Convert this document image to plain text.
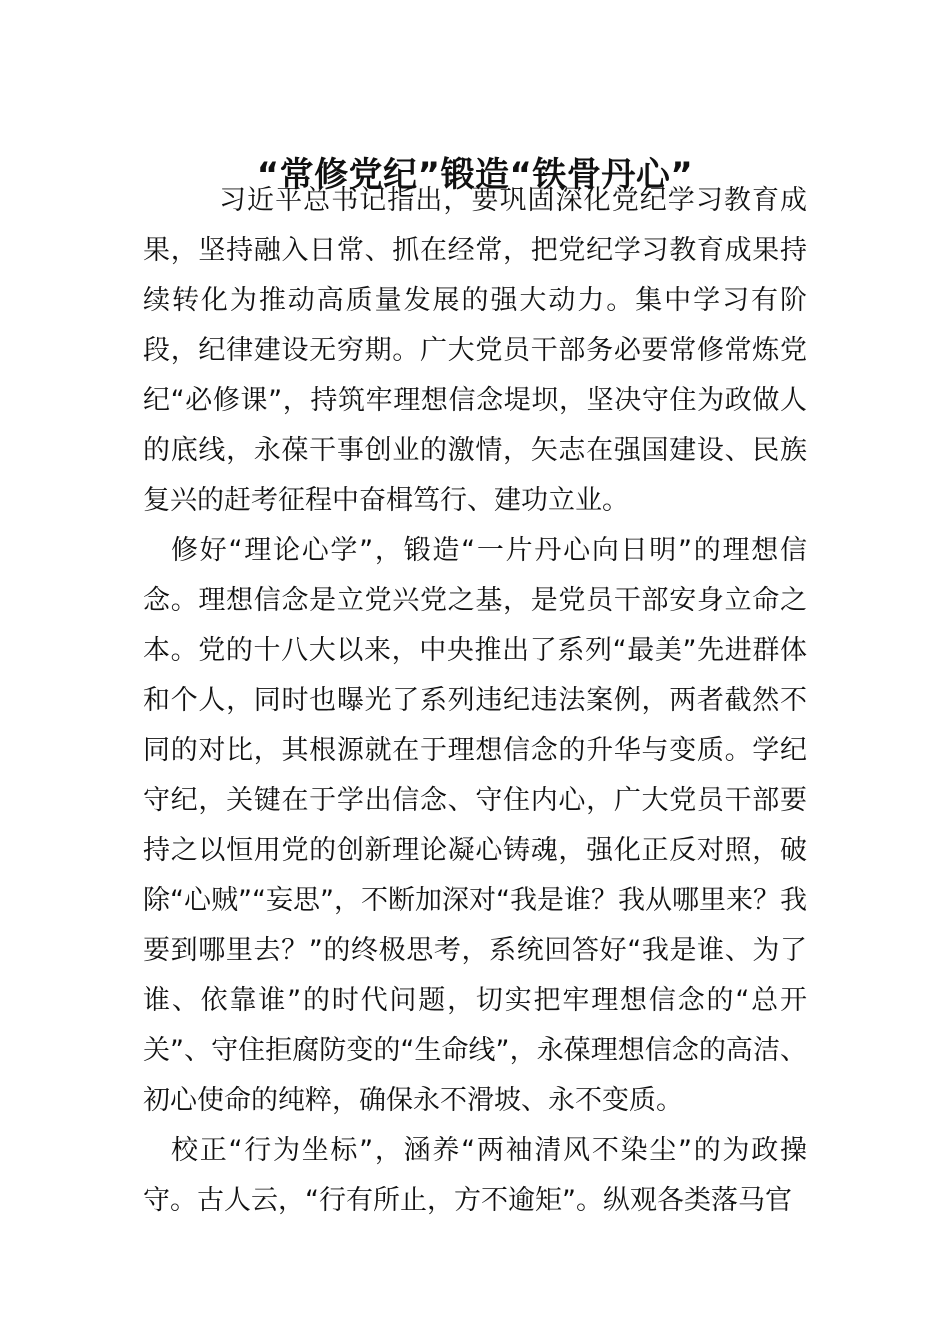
“常修党纪”锻造“铁骨丹心”

习近平总书记指出，要巩固深化党纪学习教育成果，坚持融入日常、抓在经常，把党纪学习教育成果持续转化为推动高质量发展的强大动力。集中学习有阶段，纪律建设无穷期。广大党员干部务必要常修常炼党纪“必修课”，持筑牢理想信念堤坝，坚决守住为政做人的底线，永葆干事创业的激情，矢志在强国建设、民族复兴的赶考征程中奋楫笃行、建功立业。

修好“理论心学”，锻造“一片丹心向日明”的理想信念。理想信念是立党兴党之基，是党员干部安身立命之本。党的十八大以来，中央推出了系列“最美”先进群体和个人，同时也曝光了系列违纪违法案例，两者截然不同的对比，其根源就在于理想信念的升华与变质。学纪守纪，关键在于学出信念、守住内心，广大党员干部要持之以恒用党的创新理论凝心铸魂，强化正反对照，破除“心贼”“妄思”，不断加深对“我是谁？我从哪里来？我要到哪里去？”的终极思考，系统回答好“我是谁、为了谁、依靠谁”的时代问题，切实把牢理想信念的“总开关”、守住拒腐防变的“生命线”，永葆理想信念的高洁、初心使命的纯粹，确保永不滑坡、永不变质。

校正“行为坐标”，涵养“两袖清风不染尘”的为政操守。古人云，“行有所止，方不逾矩”。纵观各类落马官
